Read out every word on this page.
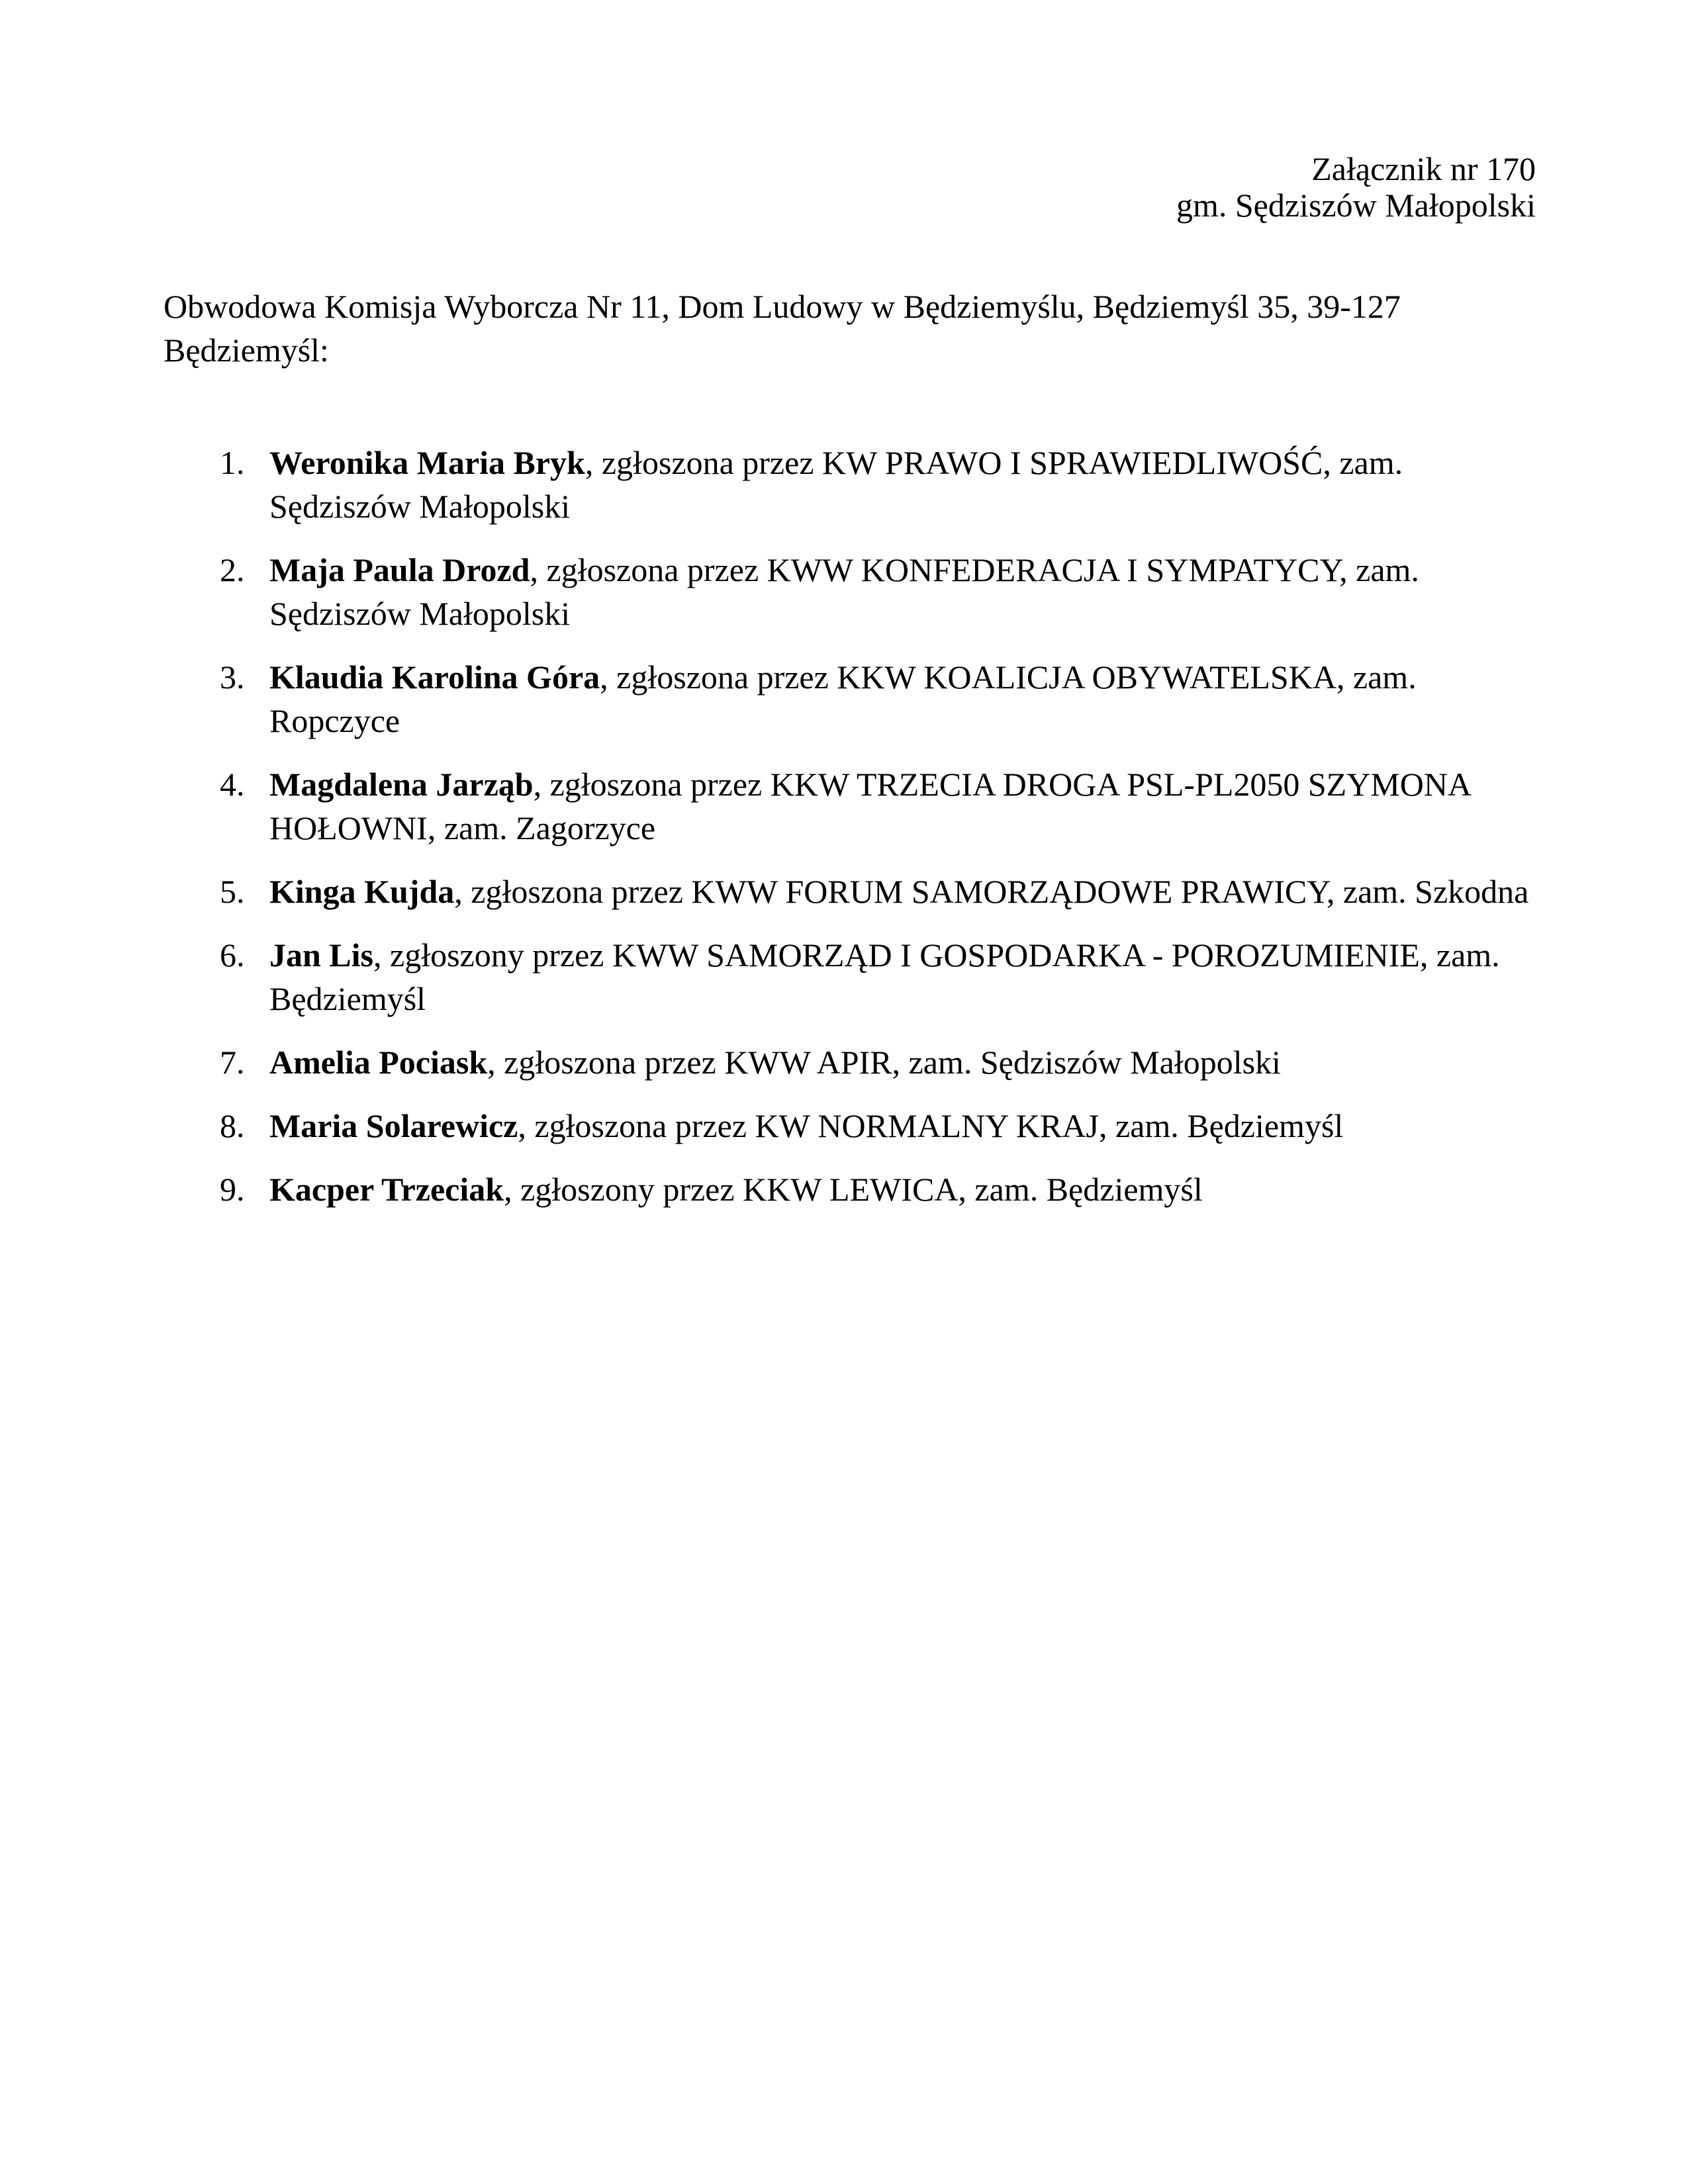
Załącznik nr 170
gm. Sędziszów Małopolski

Obwodowa Komisja Wyborcza Nr 11, Dom Ludowy w Będziemyślu, Będziemyśl 35, 39-127 Będziemyśl:

1. Weronika Maria Bryk, zgłoszona przez KW PRAWO I SPRAWIEDLIWOŚĆ, zam. Sędziszów Małopolski
2. Maja Paula Drozd, zgłoszona przez KWW KONFEDERACJA I SYMPATYCY, zam. Sędziszów Małopolski
3. Klaudia Karolina Góra, zgłoszona przez KKW KOALICJA OBYWATELSKA, zam. Ropczyce
4. Magdalena Jarząb, zgłoszona przez KKW TRZECIA DROGA PSL-PL2050 SZYMONA HOŁOWNI, zam. Zagorzyce
5. Kinga Kujda, zgłoszona przez KWW FORUM SAMORZĄDOWE PRAWICY, zam. Szkodna
6. Jan Lis, zgłoszony przez KWW SAMORZĄD I GOSPODARKA - POROZUMIENIE, zam. Będziemyśl
7. Amelia Pociask, zgłoszona przez KWW APIR, zam. Sędziszów Małopolski
8. Maria Solarewicz, zgłoszona przez KW NORMALNY KRAJ, zam. Będziemyśl
9. Kacper Trzeciak, zgłoszony przez KKW LEWICA, zam. Będziemyśl
